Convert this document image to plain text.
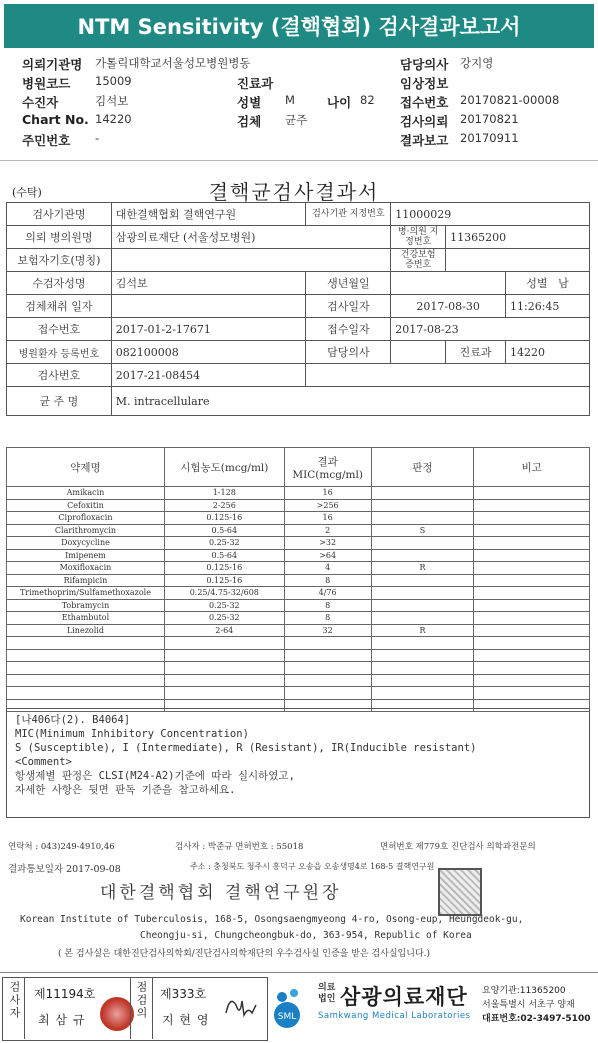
NTM Sensitivity (결핵협회) 검사결과보고서
의뢰기관명 가톨릭대학교서울성모병원병동	담당의사 강지영
병원코드 15009	진료과	임상정보
수진자	김석보	성별 M	나이 82 접수번호 20170821-00008
Chart No. 14220	검체 균주	검사의뢰 20170821
주민번호 -	결과보고 20170911
(수탁)	결핵균검사결과서
검사기관명	대한결핵협회 결핵연구원	검사기관 지정번호	11000029		
의뢰 병의원명	삼광의료재단 (서울성모병원)		병·의원 지정번호	11365200	
보험자기호(명칭)			건강보험 증번호		
수검자성명	김석보	생년월일			성별 남
검체채취 일자		검사일자	2017-08-30		11:26:45
접수번호	2017-01-2-17671	접수일자	2017-08-23		
병원환자 등록번호	082100008	담당의사		진료과	14220
검사번호	2017-21-08454				
균 주 명	M. intracellulare				
약제명	시험농도(mcg/ml)	결과 MIC(mcg/ml)	판정	비고
Amikacin	1-128	16		
Cefoxitin	2-256	>256		
Ciprofloxacin	0.125-16	16		
Clarithromycin	0.5-64	2	S	
Doxycycline	0.25-32	>32		
Imipenem	0.5-64	>64		
Moxifloxacin	0.125-16	4	R	
Rifampicin	0.125-16	8		
Trimethoprim/Sulfamethoxazole	0.25/4.75-32/608	4/76		
Tobramycin	0.25-32	8		
Ethambutol	0.25-32	8		
Linezolid	2-64	32	R	

[나406다(2). B4064]
MIC(Minimum Inhibitory Concentration)
S (Susceptible), I (Intermediate), R (Resistant), IR(Inducible resistant)
<Comment>
항생제별 판정은 CLSI(M24-A2)기준에 따라 실시하였고,
자세한 사항은 뒷면 판독 기준을 참고하세요.
연락처 : 043)249-4910,46	검사자 : 박준규 면허번호 : 55018	면허번호 제779호 진단검사 의학과전문의
결과통보일자 2017-09-08	주소 : 충청북도 청주시 흥덕구 오송읍 오송생명4로 168-5 결핵연구원
대한결핵협회 결핵연구원장
Korean Institute of Tuberculosis, 168-5, Osongsaengmyeong 4-ro, Osong-eup, Heungdeok-gu,
Cheongju-si, Chungcheongbuk-do, 363-954, Republic of Korea
( 본 검사실은 대한진단검사의학회/진단검사의학재단의 우수검사실 인증을 받은 검사실입니다.)
검사자 제11194호
최 삼 규	점검의 제333호
지 현 영	SML
의료법인 삼광의료재단
Samkwang Medical Laboratories
요양기관:11365200
서울특별시 서초구 양재
대표번호:02-3497-5100
